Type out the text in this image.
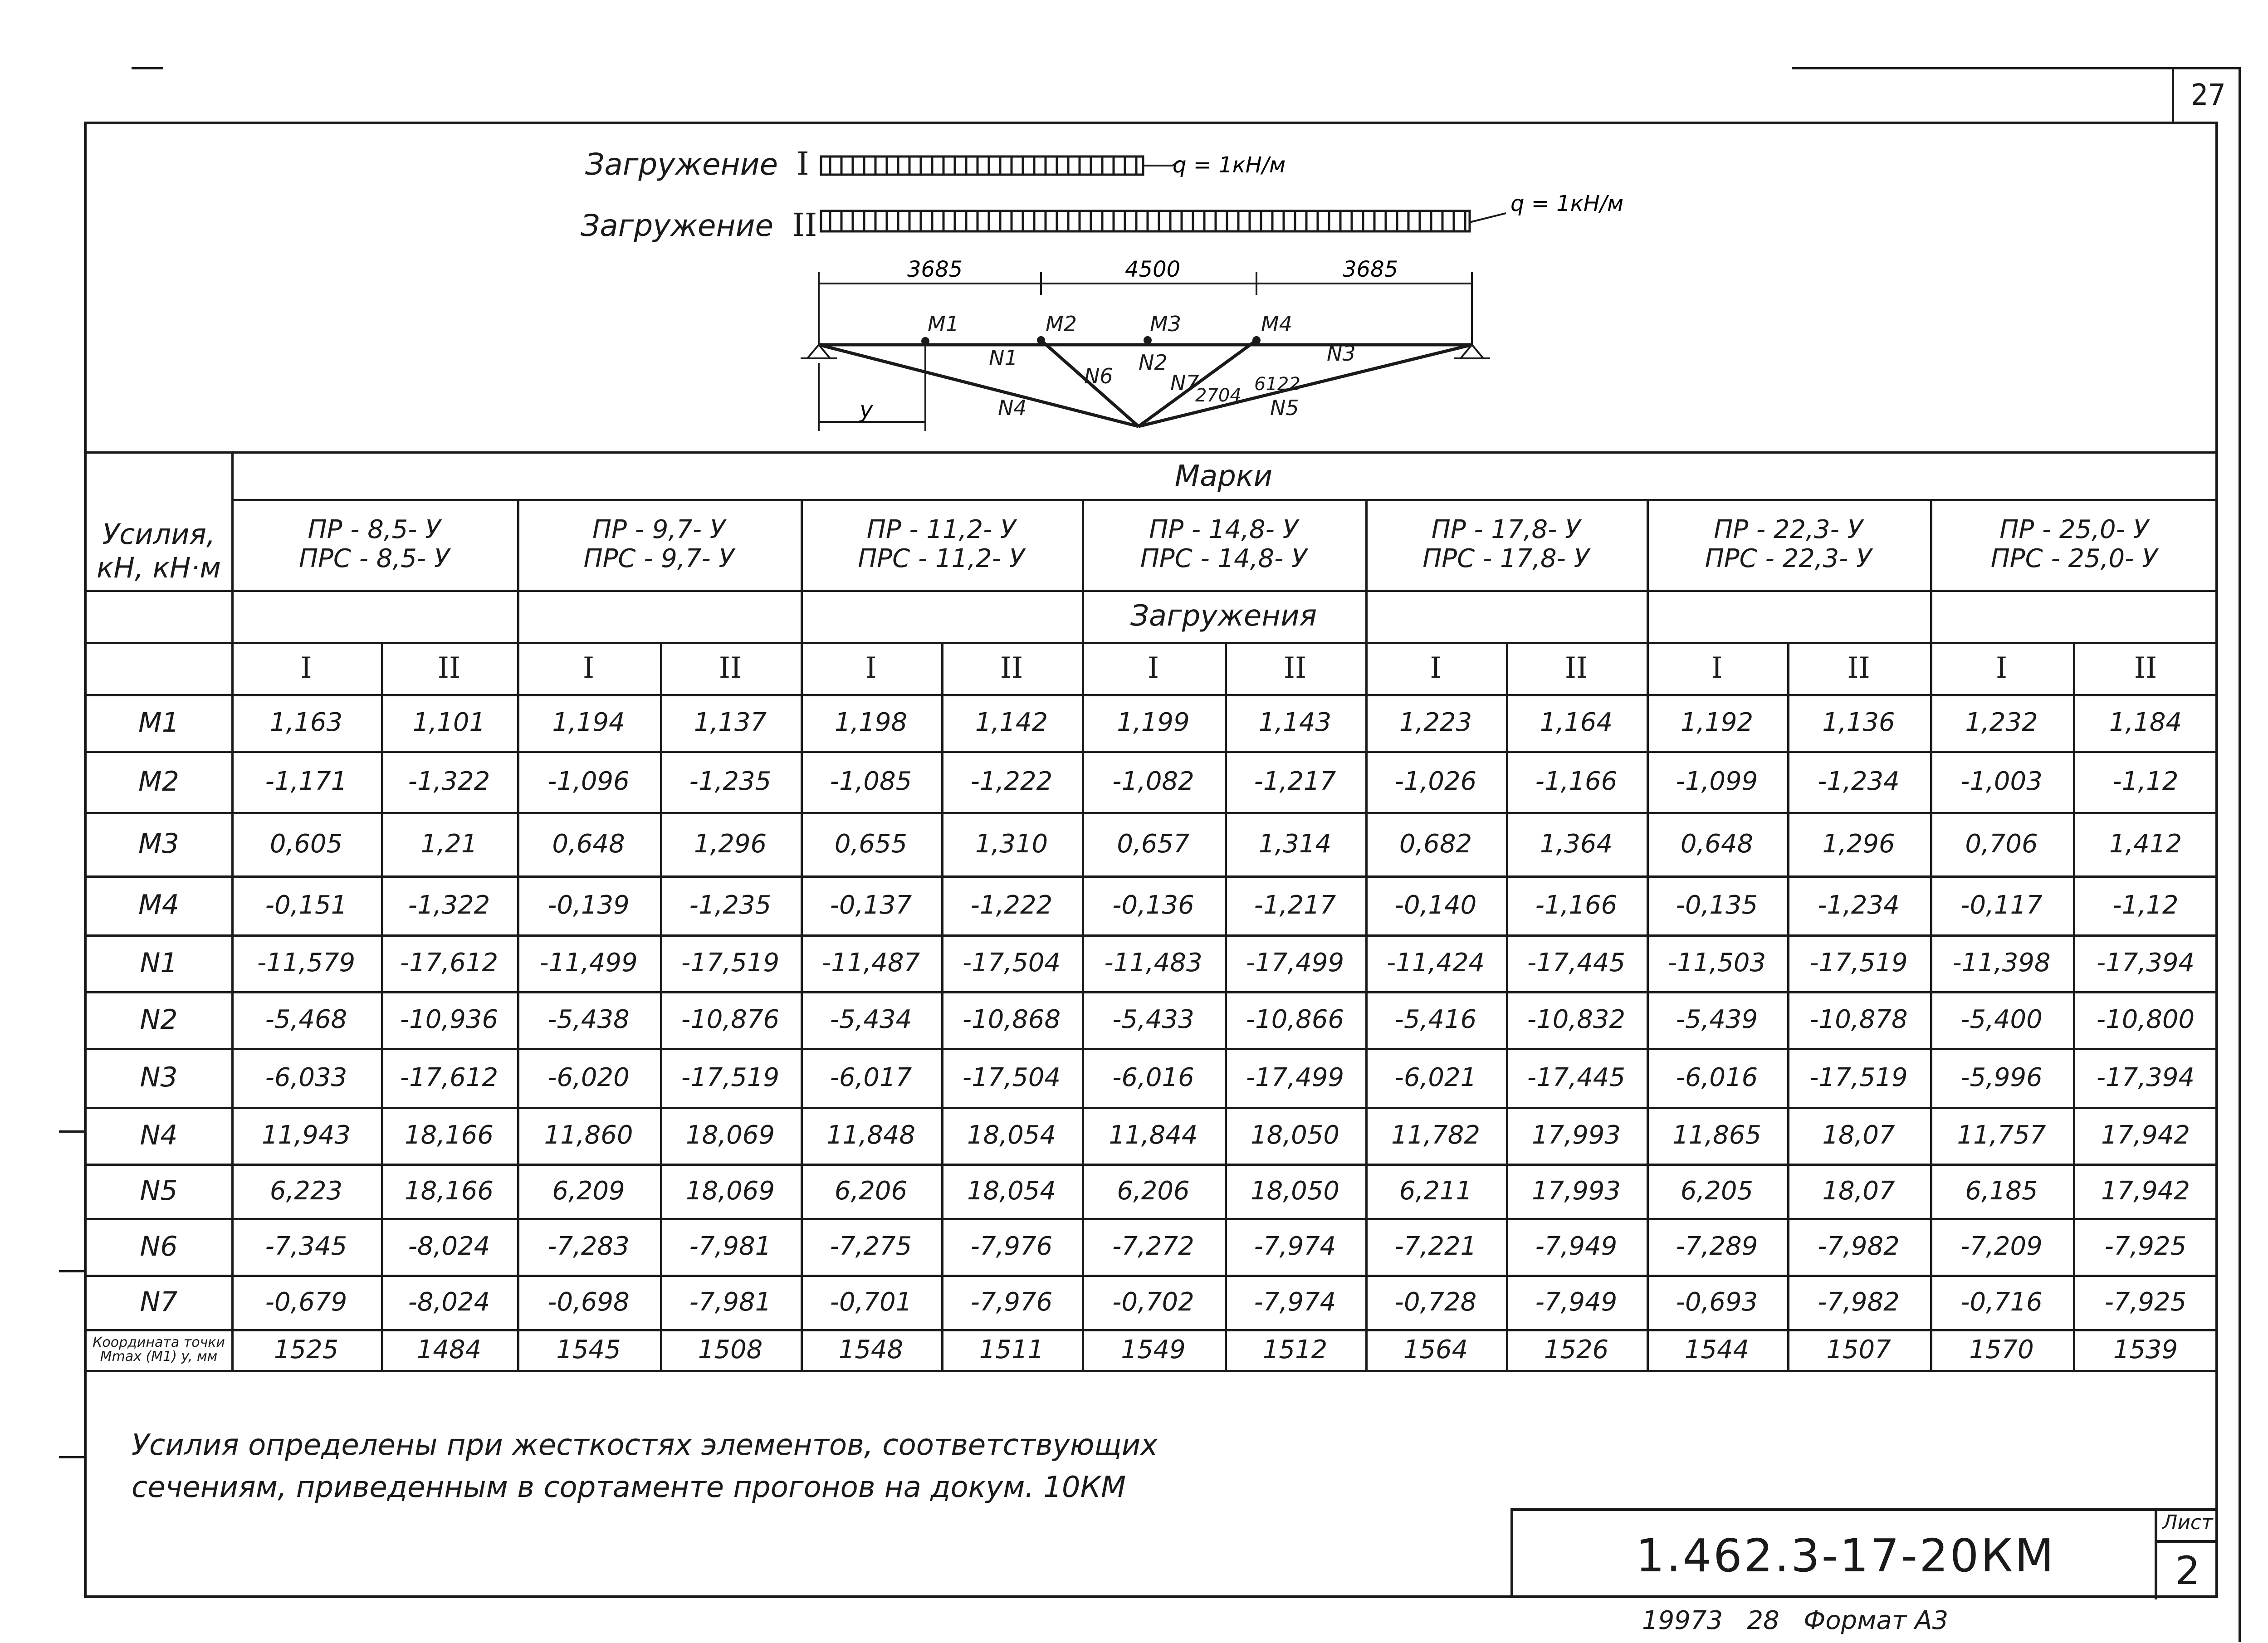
27
Загружение I
Загружение II
q = 1кН/м
q = 1кН/м
3685	4500	3685
y
M1	M2	M3	M4
N1	N2	N3
N4	N5
N6	N7
2704
6122
Усилия, кН, кН·м
Марки
Загружения
ПР - 8,5- У
ПРС - 8,5- У
ПР - 9,7- У
ПРС - 9,7- У
ПР - 11,2- У
ПРС - 11,2- У
ПР - 14,8- У
ПРС - 14,8- У
ПР - 17,8- У
ПРС - 17,8- У
ПР - 22,3- У
ПРС - 22,3- У
ПР - 25,0- У
ПРС - 25,0- У
I	II	I	II	I	II	I	II	I	II	I	II	I	II
M1	1,163	1,101	1,194	1,137	1,198	1,142	1,199	1,143	1,223	1,164	1,192	1,136	1,232	1,184
M2	-1,171	-1,322	-1,096	-1,235	-1,085	-1,222	-1,082	-1,217	-1,026	-1,166	-1,099	-1,234	-1,003	-1,12
M3	0,605	1,21	0,648	1,296	0,655	1,310	0,657	1,314	0,682	1,364	0,648	1,296	0,706	1,412
M4	-0,151	-1,322	-0,139	-1,235	-0,137	-1,222	-0,136	-1,217	-0,140	-1,166	-0,135	-1,234	-0,117	-1,12
N1	-11,579	-17,612	-11,499	-17,519	-11,487	-17,504	-11,483	-17,499	-11,424	-17,445	-11,503	-17,519	-11,398	-17,394
N2	-5,468	-10,936	-5,438	-10,876	-5,434	-10,868	-5,433	-10,866	-5,416	-10,832	-5,439	-10,878	-5,400	-10,800
N3	-6,033	-17,612	-6,020	-17,519	-6,017	-17,504	-6,016	-17,499	-6,021	-17,445	-6,016	-17,519	-5,996	-17,394
N4	11,943	18,166	11,860	18,069	11,848	18,054	11,844	18,050	11,782	17,993	11,865	18,07	11,757	17,942
N5	6,223	18,166	6,209	18,069	6,206	18,054	6,206	18,050	6,211	17,993	6,205	18,07	6,185	17,942
N6	-7,345	-8,024	-7,283	-7,981	-7,275	-7,976	-7,272	-7,974	-7,221	-7,949	-7,289	-7,982	-7,209	-7,925
N7	-0,679	-8,024	-0,698	-7,981	-0,701	-7,976	-0,702	-7,974	-0,728	-7,949	-0,693	-7,982	-0,716	-7,925
Координата точки Mmax (M1) y, мм	1525	1484	1545	1508	1548	1511	1549	1512	1564	1526	1544	1507	1570	1539
Усилия определены при жесткостях элементов, соответствующих
сечениям, приведенным в сортаменте прогонов на докум. 10КМ
1.462.3-17-20КМ
Лист
2
19973   28   Формат А3
